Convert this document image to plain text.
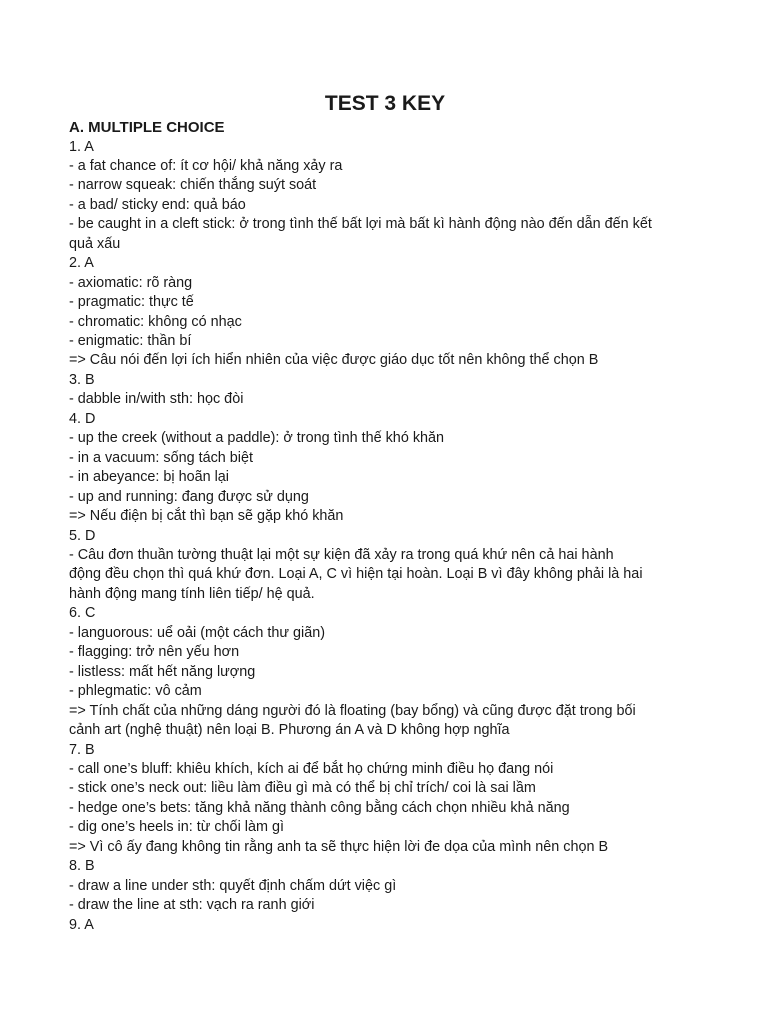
TEST 3 KEY
A. MULTIPLE CHOICE
1. A
- a fat chance of: ít cơ hội/ khả năng xảy ra
- narrow squeak: chiến thắng suýt soát
- a bad/ sticky end: quả báo
- be caught in a cleft stick: ở trong tình thế bất lợi mà bất kì hành động nào đến dẫn đến kết
quả xấu
2. A
- axiomatic: rõ ràng
- pragmatic: thực tế
- chromatic: không có nhạc
- enigmatic: thần bí
=> Câu nói đến lợi ích hiển nhiên của việc được giáo dục tốt nên không thể chọn B
3. B
- dabble in/with sth: học đòi
4. D
- up the creek (without a paddle): ở trong tình thế khó khăn
- in a vacuum: sống tách biệt
- in abeyance: bị hoãn lại
- up and running: đang được sử dụng
=> Nếu điện bị cắt thì bạn sẽ gặp khó khăn
5. D
- Câu đơn thuần tường thuật lại một sự kiện đã xảy ra trong quá khứ nên cả hai hành
động đều chọn thì quá khứ đơn. Loại A, C vì hiện tại hoàn. Loại B vì đây không phải là hai
hành động mang tính liên tiếp/ hệ quả.
6. C
- languorous: uể oải (một cách thư giãn)
- flagging: trở nên yếu hơn
- listless: mất hết năng lượng
- phlegmatic: vô cảm
=> Tính chất của những dáng người đó là floating (bay bổng) và cũng được đặt trong bối
cảnh art (nghệ thuật) nên loại B. Phương án A và D không hợp nghĩa
7. B
- call one’s bluff: khiêu khích, kích ai để bắt họ chứng minh điều họ đang nói
- stick one’s neck out: liều làm điều gì mà có thể bị chỉ trích/ coi là sai lầm
- hedge one’s bets: tăng khả năng thành công bằng cách chọn nhiều khả năng
- dig one’s heels in: từ chối làm gì
=> Vì cô ấy đang không tin rằng anh ta sẽ thực hiện lời đe dọa của mình nên chọn B
8. B
- draw a line under sth: quyết định chấm dứt việc gì
- draw the line at sth: vạch ra ranh giới
9. A
